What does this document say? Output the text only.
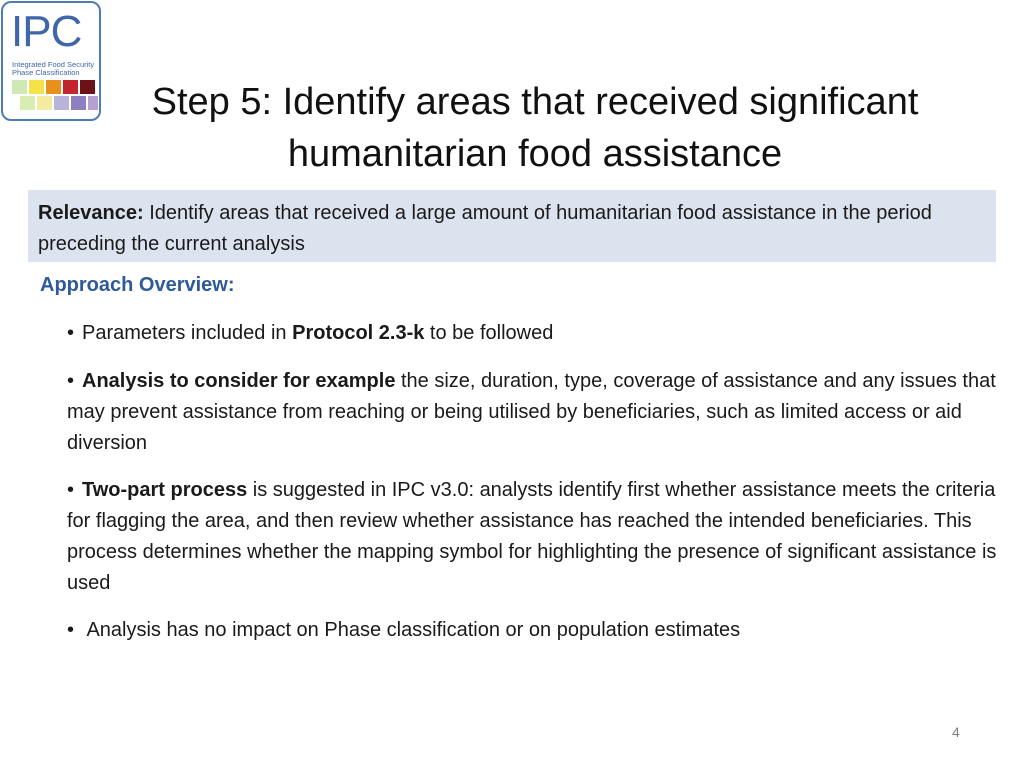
IPC
Integrated Food Security
Phase Classification
Step 5: Identify areas that received significant humanitarian food assistance
Relevance: Identify areas that received a large amount of humanitarian food assistance in the period preceding the current analysis
Approach Overview:
• Parameters included in Protocol 2.3-k to be followed
• Analysis to consider for example the size, duration, type, coverage of assistance and any issues that may prevent assistance from reaching or being utilised by beneficiaries, such as limited access or aid diversion
• Two-part process is suggested in IPC v3.0: analysts identify first whether assistance meets the criteria for flagging the area, and then review whether assistance has reached the intended beneficiaries. This process determines whether the mapping symbol for highlighting the presence of significant assistance is used
• Analysis has no impact on Phase classification or on population estimates
4
